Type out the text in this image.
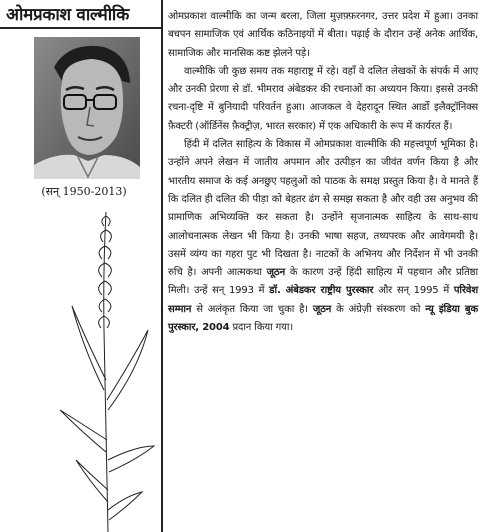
ओमप्रकाश वाल्मीकि
(सन् 1950-2013)

ओमप्रकाश वाल्मीकि का जन्म बरला, जिला मुज़फ़्फ़रनगर, उत्तर प्रदेश में हुआ। उनका बचपन सामाजिक एवं आर्थिक कठिनाइयों में बीता। पढ़ाई के दौरान उन्हें अनेक आर्थिक, सामाजिक और मानसिक कष्ट झेलने पड़े।

वाल्मीकि जी कुछ समय तक महाराष्ट्र में रहे। वहाँ वे दलित लेखकों के संपर्क में आए और उनकी प्रेरणा से डॉ. भीमराव अंबेडकर की रचनाओं का अध्ययन किया। इससे उनकी रचना-दृष्टि में बुनियादी परिवर्तन हुआ। आजकल वे देहरादून स्थित आर्डो इलैक्ट्रॉनिक्स फ़ैक्टरी (ऑर्डिनेंस फ़ैक्ट्रीज़, भारत सरकार) में एक अधिकारी के रूप में कार्यरत हैं।

हिंदी में दलित साहित्य के विकास में ओमप्रकाश वाल्मीकि की महत्त्वपूर्ण भूमिका है। उन्होंने अपने लेखन में जातीय अपमान और उत्पीड़न का जीवंत वर्णन किया है और भारतीय समाज के कई अनछुए पहलुओं को पाठक के समक्ष प्रस्तुत किया है। वे मानते हैं कि दलित ही दलित की पीड़ा को बेहतर ढंग से समझ सकता है और वही उस अनुभव की प्रामाणिक अभिव्यक्ति कर सकता है। उन्होंने सृजनात्मक साहित्य के साथ-साथ आलोचनात्मक लेखन भी किया है। उनकी भाषा सहज, तथ्यपरक और आवेगमयी है। उसमें व्यंग्य का गहरा पुट भी दिखता है। नाटकों के अभिनय और निर्देशन में भी उनकी रुचि है। अपनी आत्मकथा जूठन के कारण उन्हें हिंदी साहित्य में पहचान और प्रतिष्ठा मिली। उन्हें सन् 1993 में डॉ. अंबेडकर राष्ट्रीय पुरस्कार और सन् 1995 में परिवेश सम्मान से अलंकृत किया जा चुका है। जूठन के अंग्रेज़ी संस्करण को न्यू इंडिया बुक पुरस्कार, 2004 प्रदान किया गया।
